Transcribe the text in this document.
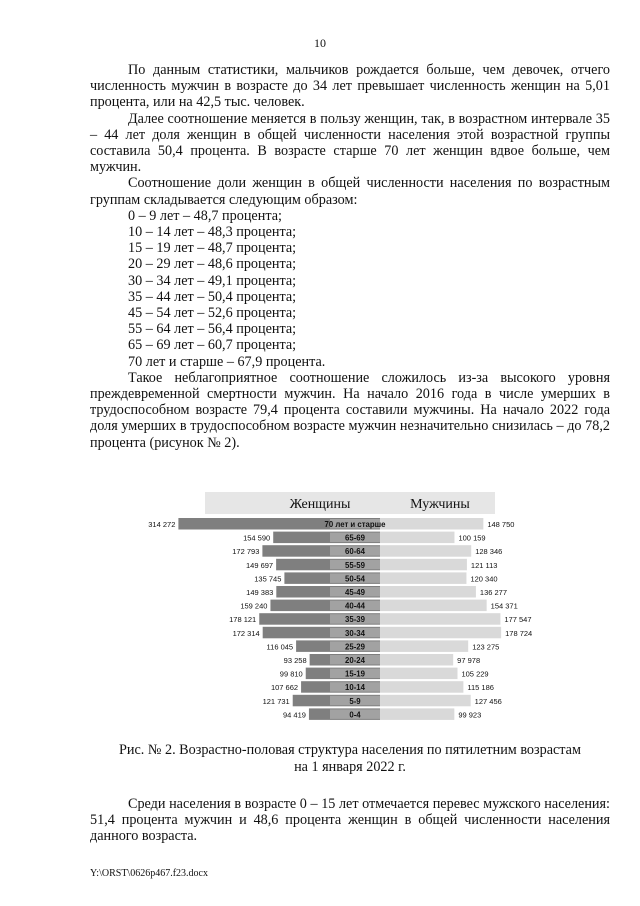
10

По данным статистики, мальчиков рождается больше, чем девочек, отчего численность мужчин в возрасте до 34 лет превышает численность женщин на 5,01 процента, или на 42,5 тыс. человек.

Далее соотношение меняется в пользу женщин, так, в возрастном интервале 35 – 44 лет доля женщин в общей численности населения этой возрастной группы составила 50,4 процента. В возрасте старше 70 лет женщин вдвое больше, чем мужчин.

Соотношение доли женщин в общей численности населения по возрастным группам складывается следующим образом:

0 – 9 лет – 48,7 процента;
10 – 14 лет – 48,3 процента;
15 – 19 лет – 48,7 процента;
20 – 29 лет – 48,6 процента;
30 – 34 лет – 49,1 процента;
35 – 44 лет – 50,4 процента;
45 – 54 лет – 52,6 процента;
55 – 64 лет – 56,4 процента;
65 – 69 лет – 60,7 процента;
70 лет и старше – 67,9 процента.

Такое неблагоприятное соотношение сложилось из-за высокого уровня преждевременной смертности мужчин. На начало 2016 года в числе умерших в трудоспособном возрасте 79,4 процента составили мужчины. На начало 2022 года доля умерших в трудоспособном возрасте мужчин незначительно снизилась – до 78,2 процента (рисунок № 2).

Женщины	Мужчины
70 лет и старше
314 272	148 750
65-69
154 590	100 159
60-64
172 793	128 346
55-59
149 697	121 113
50-54
135 745	120 340
45-49
149 383	136 277
40-44
159 240	154 371
35-39
178 121	177 547
30-34
172 314	178 724
25-29
116 045	123 275
20-24
93 258	97 978
15-19
99 810	105 229
10-14
107 662	115 186
5-9
121 731	127 456
0-4
94 419	99 923
Рис. № 2. Возрастно-половая структура населения по пятилетним возрастам
на 1 января 2022 г.

Среди населения в возрасте 0 – 15 лет отмечается перевес мужского населения: 51,4 процента мужчин и 48,6 процента женщин в общей численности населения данного возраста.

Y:\ORST\0626p467.f23.docx
